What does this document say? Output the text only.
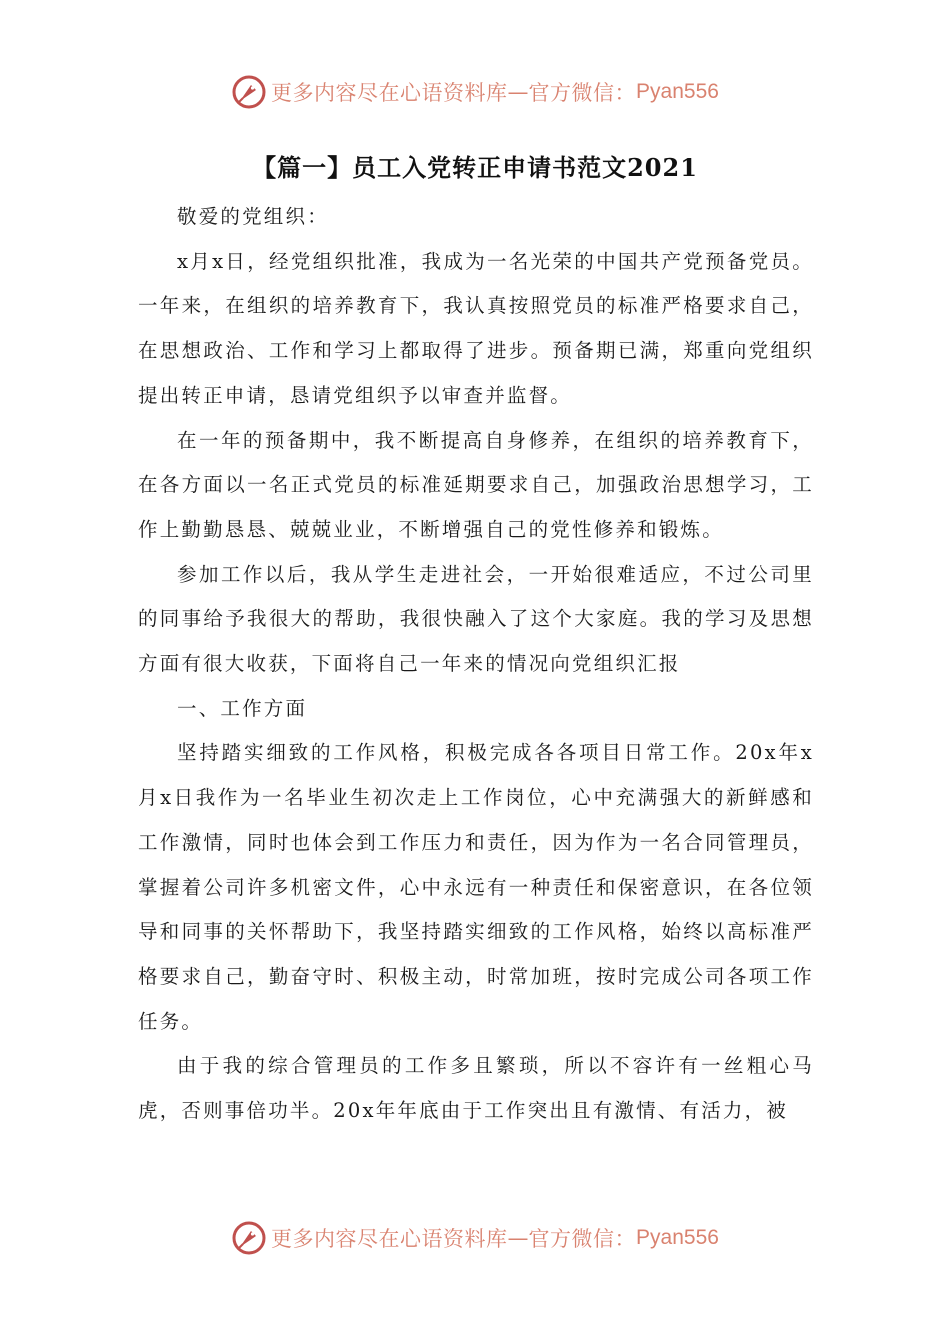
更多内容尽在心语资料库 — 官方微信： Pyan556
【篇一】员工入党转正申请书范文2021

敬爱的党组织：

x月x日，经党组织批准，我成为一名光荣的中国共产党预备党员。一年来，在组织的培养教育下，我认真按照党员的标准严格要求自己，在思想政治、工作和学习上都取得了进步。预备期已满，郑重向党组织提出转正申请，恳请党组织予以审查并监督。

在一年的预备期中，我不断提高自身修养，在组织的培养教育下，在各方面以一名正式党员的标准延期要求自己，加强政治思想学习，工作上勤勤恳恳、兢兢业业，不断增强自己的党性修养和锻炼。

参加工作以后，我从学生走进社会，一开始很难适应，不过公司里的同事给予我很大的帮助，我很快融入了这个大家庭。我的学习及思想方面有很大收获，下面将自己一年来的情况向党组织汇报

一、工作方面

坚持踏实细致的工作风格，积极完成各各项目日常工作。20x年x月x日我作为一名毕业生初次走上工作岗位，心中充满强大的新鲜感和工作激情，同时也体会到工作压力和责任，因为作为一名合同管理员，掌握着公司许多机密文件，心中永远有一种责任和保密意识，在各位领导和同事的关怀帮助下，我坚持踏实细致的工作风格，始终以高标准严格要求自己，勤奋守时、积极主动，时常加班，按时完成公司各项工作任务。

由于我的综合管理员的工作多且繁琐，所以不容许有一丝粗心马虎，否则事倍功半。20x年年底由于工作突出且有激情、有活力，被

更多内容尽在心语资料库 — 官方微信： Pyan556
